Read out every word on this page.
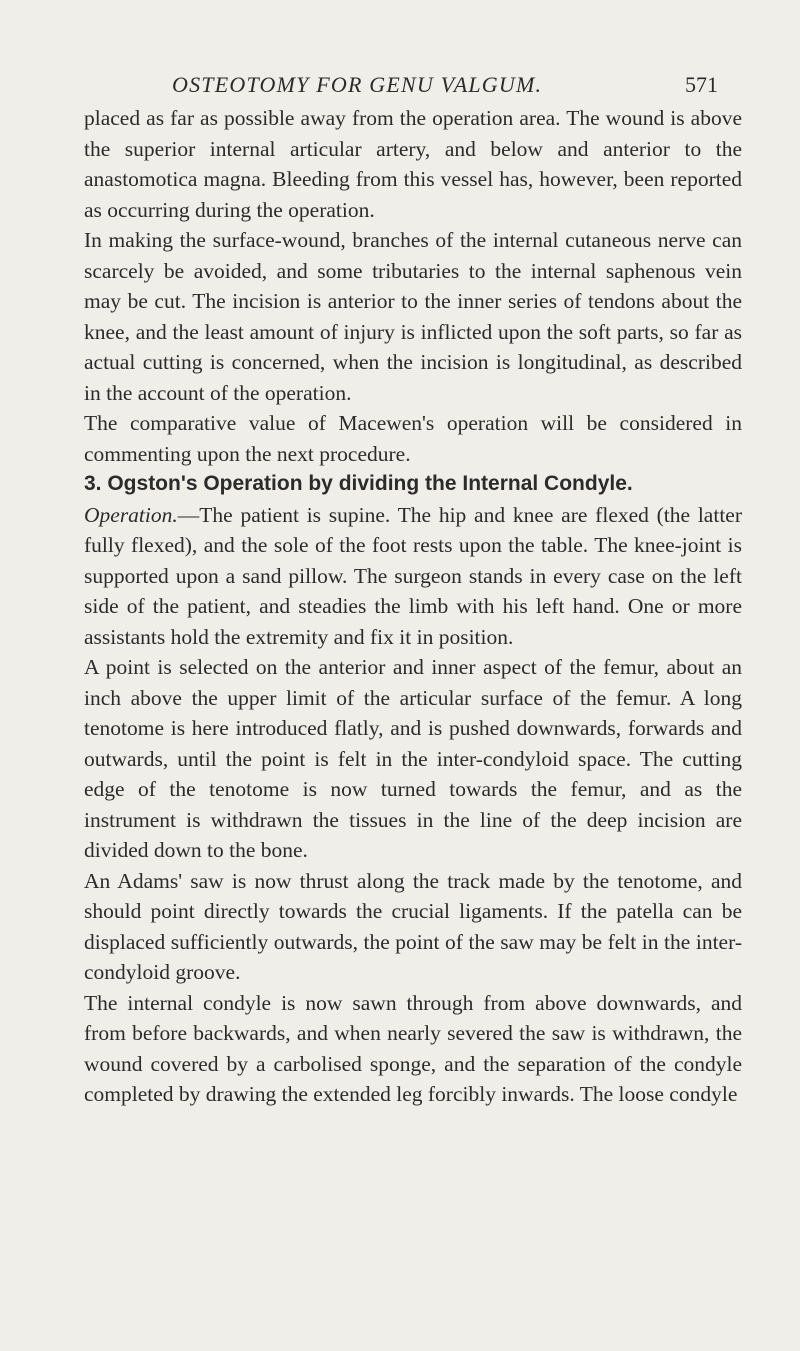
OSTEOTOMY FOR GENU VALGUM.	571

placed as far as possible away from the operation area. The wound is above the superior internal articular artery, and below and anterior to the anastomotica magna. Bleeding from this vessel has, however, been reported as occurring during the operation.

In making the surface-wound, branches of the internal cutaneous nerve can scarcely be avoided, and some tributaries to the internal saphenous vein may be cut. The incision is anterior to the inner series of tendons about the knee, and the least amount of injury is inflicted upon the soft parts, so far as actual cutting is concerned, when the incision is longitudinal, as described in the account of the operation.

The comparative value of Macewen's operation will be considered in commenting upon the next procedure.

3. Ogston's Operation by dividing the Internal Condyle.

Operation.—The patient is supine. The hip and knee are flexed (the latter fully flexed), and the sole of the foot rests upon the table. The knee-joint is supported upon a sand pillow. The surgeon stands in every case on the left side of the patient, and steadies the limb with his left hand. One or more assistants hold the extremity and fix it in position.

A point is selected on the anterior and inner aspect of the femur, about an inch above the upper limit of the articular surface of the femur. A long tenotome is here introduced flatly, and is pushed downwards, forwards and outwards, until the point is felt in the inter-condyloid space. The cutting edge of the tenotome is now turned towards the femur, and as the instrument is withdrawn the tissues in the line of the deep incision are divided down to the bone.

An Adams' saw is now thrust along the track made by the tenotome, and should point directly towards the crucial ligaments. If the patella can be displaced sufficiently outwards, the point of the saw may be felt in the inter-condyloid groove.

The internal condyle is now sawn through from above downwards, and from before backwards, and when nearly severed the saw is withdrawn, the wound covered by a carbolised sponge, and the separation of the condyle completed by drawing the extended leg forcibly inwards. The loose condyle
